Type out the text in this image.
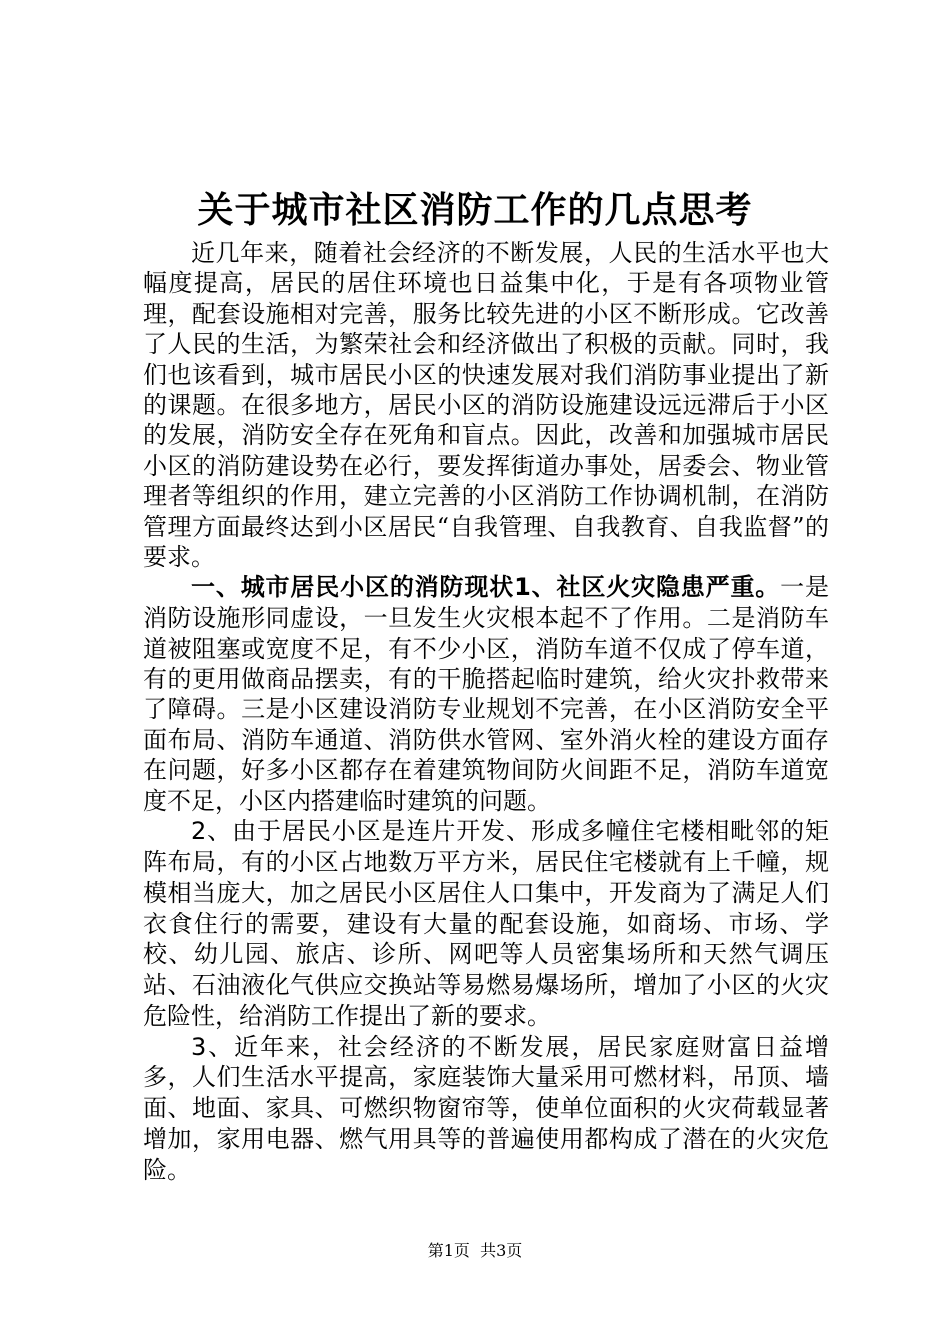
关于城市社区消防工作的几点思考

近几年来，随着社会经济的不断发展，人民的生活水平也大幅度提高，居民的居住环境也日益集中化，于是有各项物业管理，配套设施相对完善，服务比较先进的小区不断形成。它改善了人民的生活，为繁荣社会和经济做出了积极的贡献。同时，我们也该看到，城市居民小区的快速发展对我们消防事业提出了新的课题。在很多地方，居民小区的消防设施建设远远滞后于小区的发展，消防安全存在死角和盲点。因此，改善和加强城市居民小区的消防建设势在必行，要发挥街道办事处，居委会、物业管理者等组织的作用，建立完善的小区消防工作协调机制，在消防管理方面最终达到小区居民“自我管理、自我教育、自我监督”的要求。

一、城市居民小区的消防现状1、社区火灾隐患严重。一是消防设施形同虚设，一旦发生火灾根本起不了作用。二是消防车道被阻塞或宽度不足，有不少小区，消防车道不仅成了停车道，有的更用做商品摆卖，有的干脆搭起临时建筑，给火灾扑救带来了障碍。三是小区建设消防专业规划不完善，在小区消防安全平面布局、消防车通道、消防供水管网、室外消火栓的建设方面存在问题，好多小区都存在着建筑物间防火间距不足，消防车道宽度不足，小区内搭建临时建筑的问题。

2、由于居民小区是连片开发、形成多幢住宅楼相毗邻的矩阵布局，有的小区占地数万平方米，居民住宅楼就有上千幢，规模相当庞大，加之居民小区居住人口集中，开发商为了满足人们衣食住行的需要，建设有大量的配套设施，如商场、市场、学校、幼儿园、旅店、诊所、网吧等人员密集场所和天然气调压站、石油液化气供应交换站等易燃易爆场所，增加了小区的火灾危险性，给消防工作提出了新的要求。

3、近年来，社会经济的不断发展，居民家庭财富日益增多，人们生活水平提高，家庭装饰大量采用可燃材料，吊顶、墙面、地面、家具、可燃织物窗帘等，使单位面积的火灾荷载显著增加，家用电器、燃气用具等的普遍使用都构成了潜在的火灾危险。

第1页 共3页
